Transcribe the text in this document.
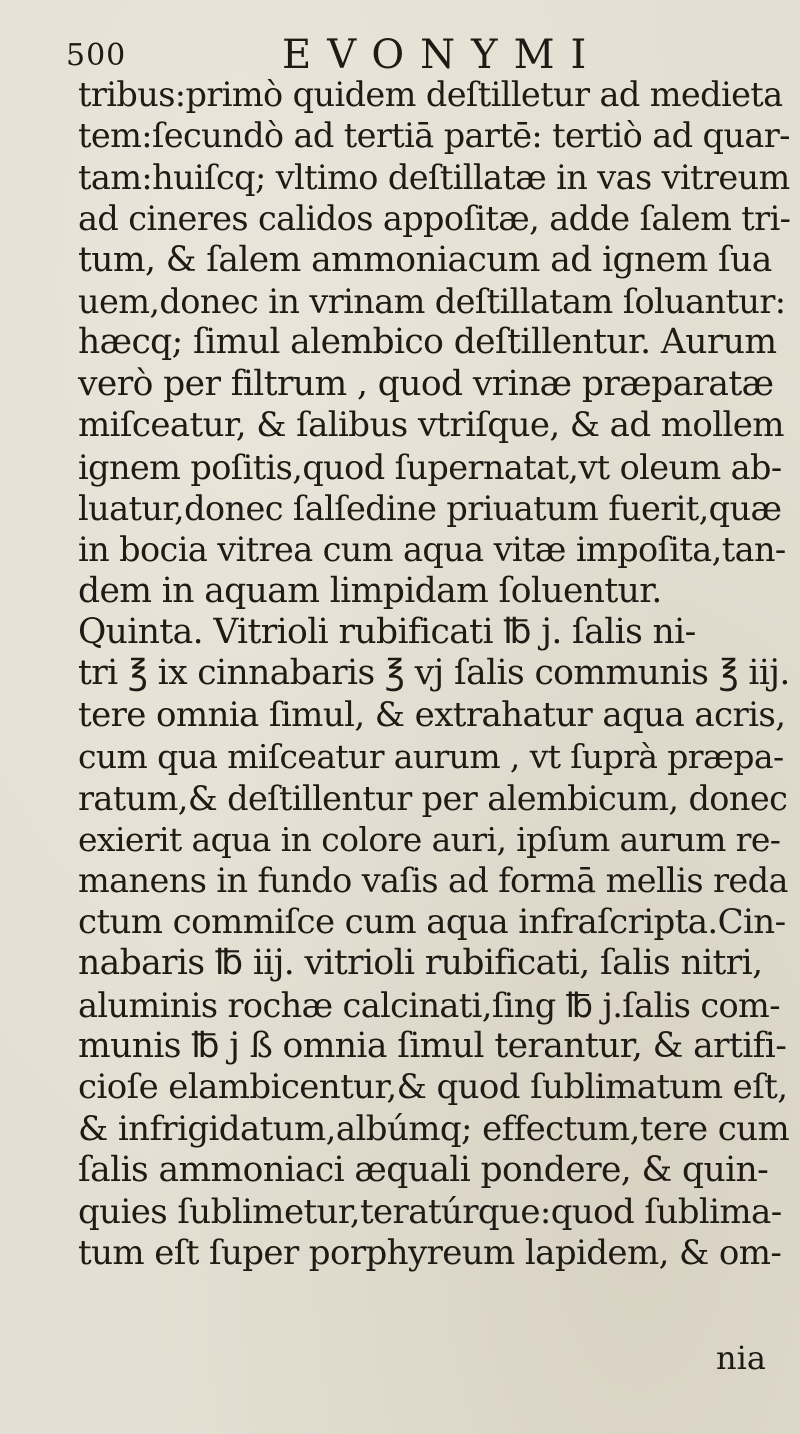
500	EVONYMI
tribus:primò quidem deſtilletur ad medieta
tem:ſecundò ad tertiā partē: tertiò ad quar-
tam:huiſcq; vltimo deſtillatæ in vas vitreum
ad cineres calidos appoſitæ, adde ſalem tri-
tum, & ſalem ammoniacum ad ignem ſua
uem,donec in vrinam deſtillatam ſoluantur:
hæcq; ſimul alembico deſtillentur. Aurum
verò per filtrum , quod vrinæ præparatæ
miſceatur, & ſalibus vtriſque, & ad mollem
ignem poſitis,quod ſupernatat,vt oleum ab-
luatur,donec ſalſedine priuatum fuerit,quæ
in bocia vitrea cum aqua vitæ impoſita,tan-
dem in aquam limpidam ſoluentur.
Quinta. Vitrioli rubificati ℔ j. ſalis ni-
tri ℥ ix cinnabaris ℥ vj ſalis communis ℥ iij.
tere omnia ſimul, & extrahatur aqua acris,
cum qua miſceatur aurum , vt ſuprà præpa-
ratum,& deſtillentur per alembicum, donec
exierit aqua in colore auri, ipſum aurum re-
manens in fundo vaſis ad formā mellis reda
ctum commiſce cum aqua infraſcripta.Cin-
nabaris ℔ iij. vitrioli rubificati, ſalis nitri,
aluminis rochæ calcinati,ſing ℔ j.ſalis com-
munis ℔ j ß omnia ſimul terantur, & artifi-
cioſe elambicentur,& quod ſublimatum eſt,
& infrigidatum,albúmq; effectum,tere cum
ſalis ammoniaci æquali pondere, & quin-
quies ſublimetur,teratúrque:quod ſublima-
tum eſt ſuper porphyreum lapidem, & om-
nia
